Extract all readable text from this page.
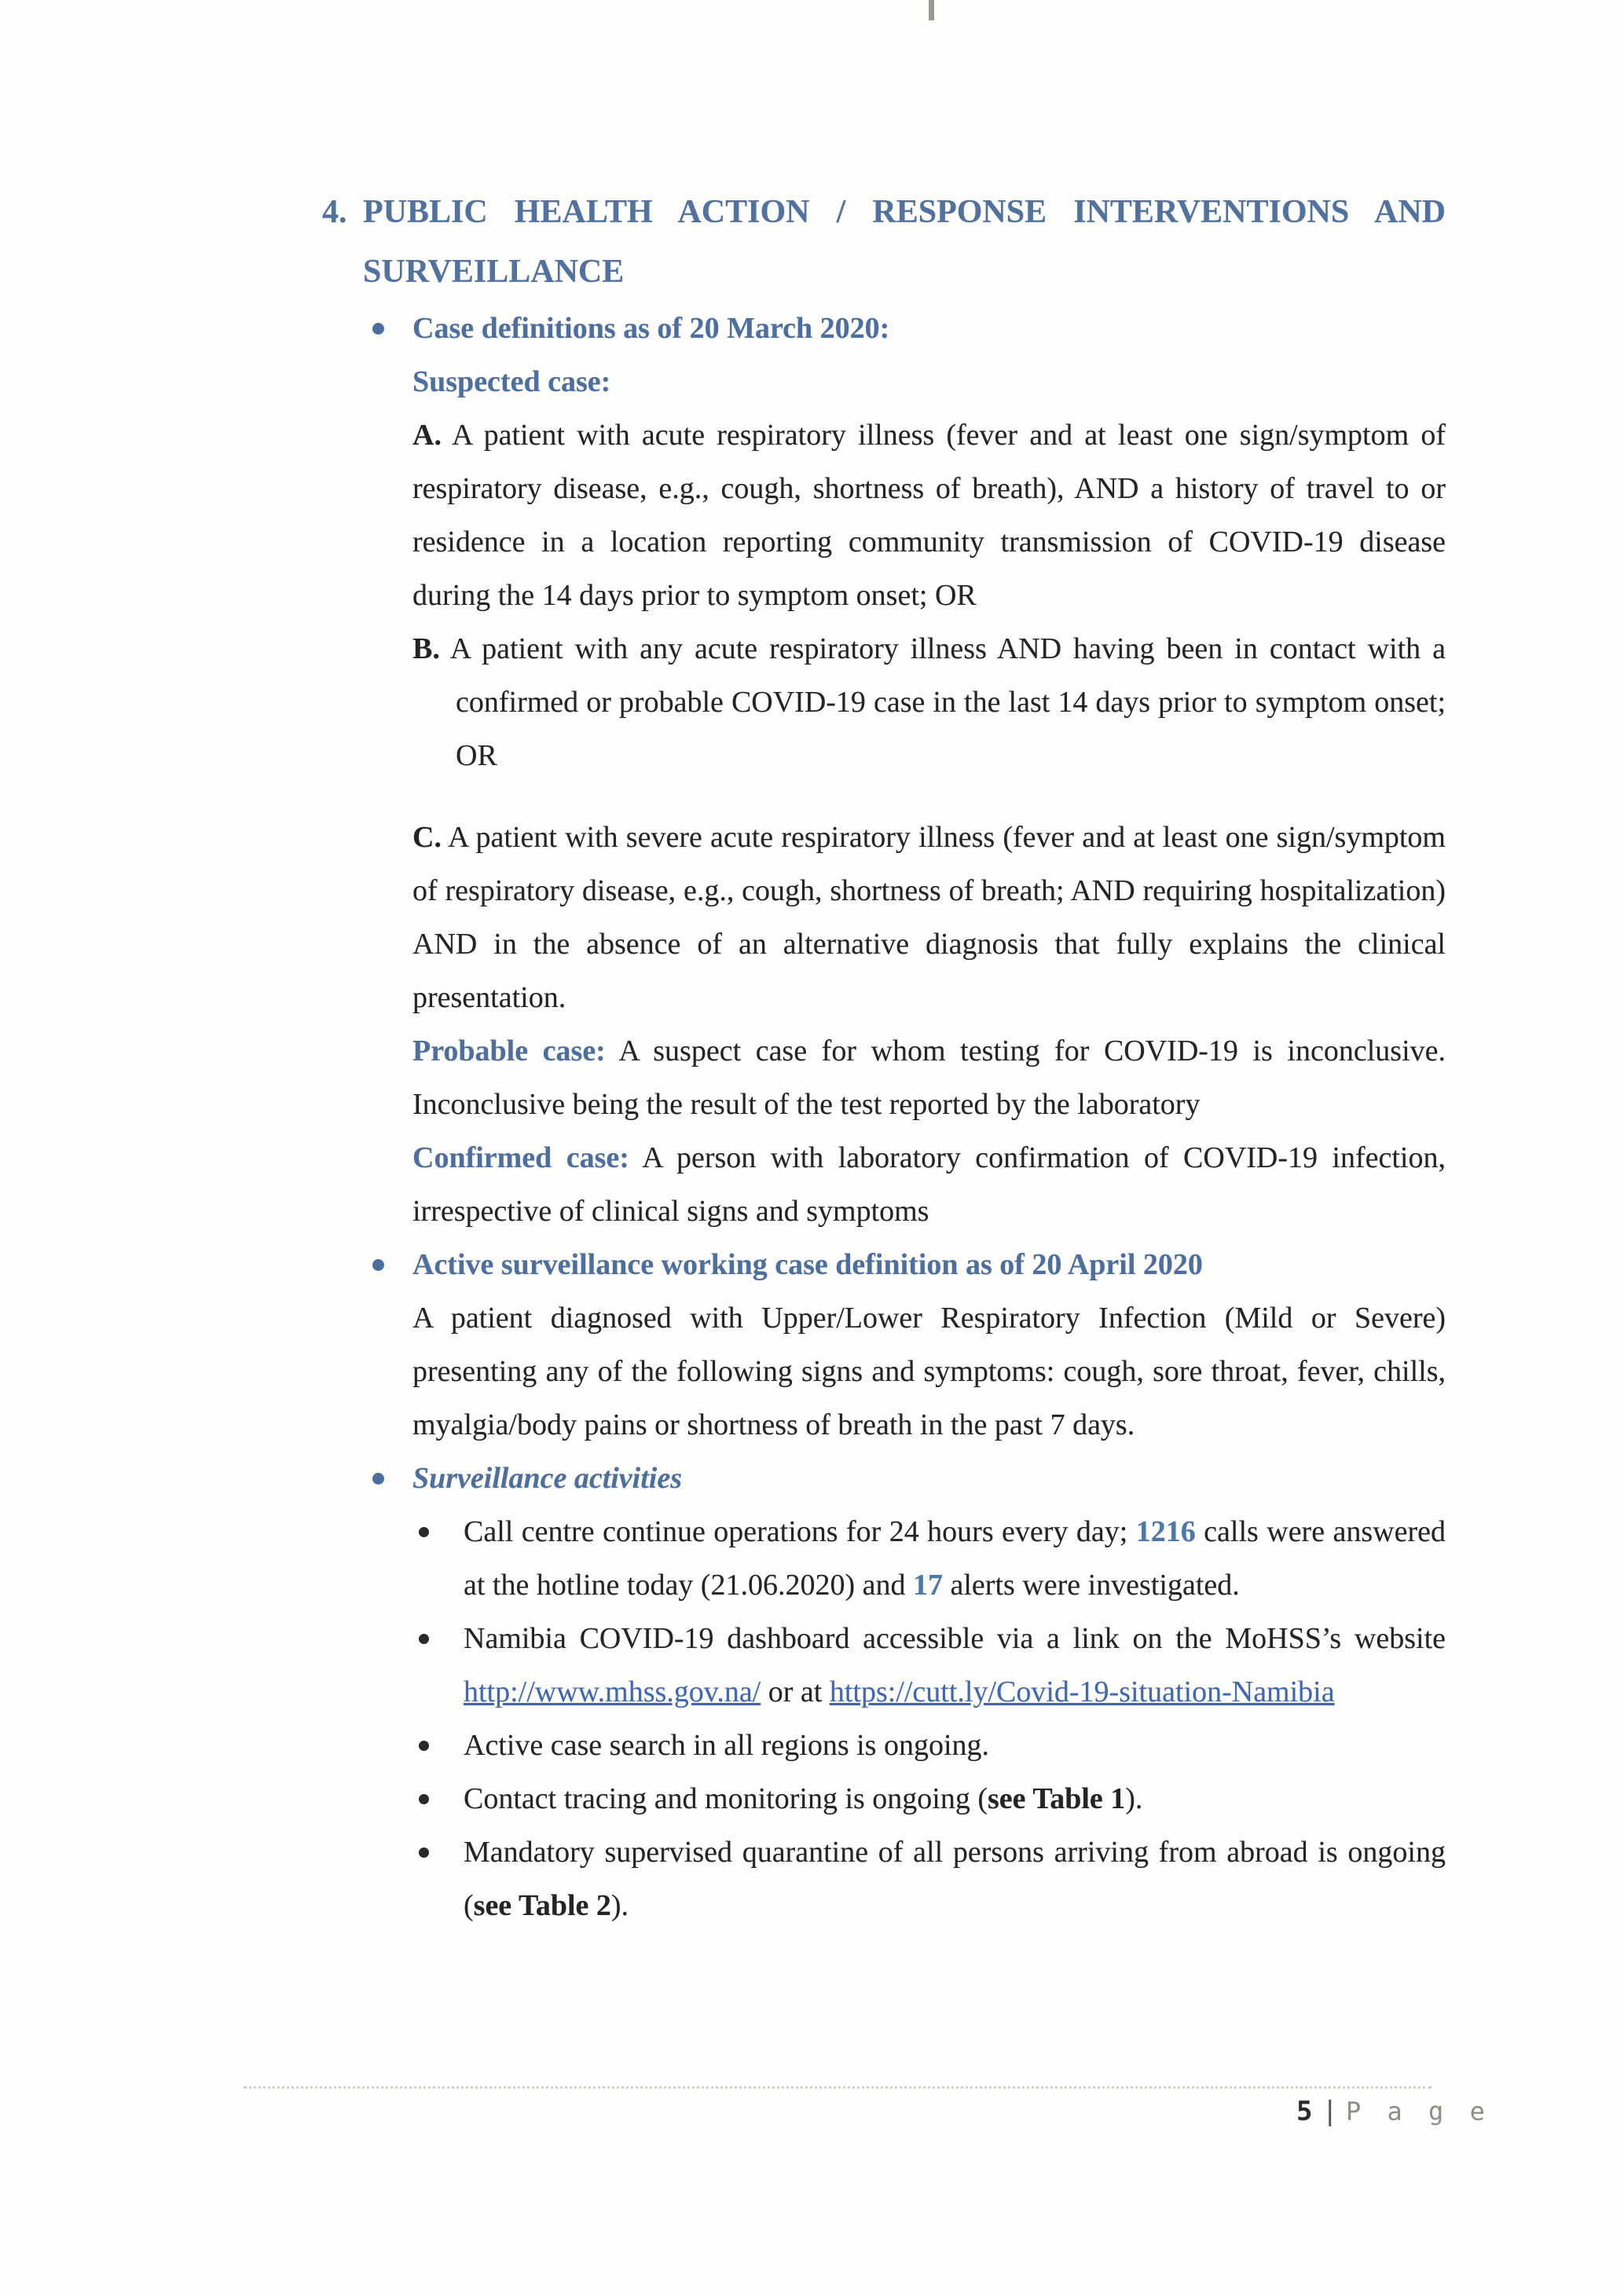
4. PUBLIC HEALTH ACTION / RESPONSE INTERVENTIONS AND SURVEILLANCE
Case definitions as of 20 March 2020:

Suspected case:

A. A patient with acute respiratory illness (fever and at least one sign/symptom of respiratory disease, e.g., cough, shortness of breath), AND a history of travel to or residence in a location reporting community transmission of COVID-19 disease during the 14 days prior to symptom onset; OR

B. A patient with any acute respiratory illness AND having been in contact with a confirmed or probable COVID-19 case in the last 14 days prior to symptom onset; OR

C. A patient with severe acute respiratory illness (fever and at least one sign/symptom of respiratory disease, e.g., cough, shortness of breath; AND requiring hospitalization) AND in the absence of an alternative diagnosis that fully explains the clinical presentation.

Probable case: A suspect case for whom testing for COVID-19 is inconclusive. Inconclusive being the result of the test reported by the laboratory

Confirmed case: A person with laboratory confirmation of COVID-19 infection, irrespective of clinical signs and symptoms

Active surveillance working case definition as of 20 April 2020

A patient diagnosed with Upper/Lower Respiratory Infection (Mild or Severe) presenting any of the following signs and symptoms: cough, sore throat, fever, chills, myalgia/body pains or shortness of breath in the past 7 days.

Surveillance activities

Call centre continue operations for 24 hours every day; 1216 calls were answered at the hotline today (21.06.2020) and 17 alerts were investigated.

Namibia COVID-19 dashboard accessible via a link on the MoHSS’s website http://www.mhss.gov.na/ or at https://cutt.ly/Covid-19-situation-Namibia

Active case search in all regions is ongoing.

Contact tracing and monitoring is ongoing (see Table 1).

Mandatory supervised quarantine of all persons arriving from abroad is ongoing (see Table 2).

5 | P a g e
